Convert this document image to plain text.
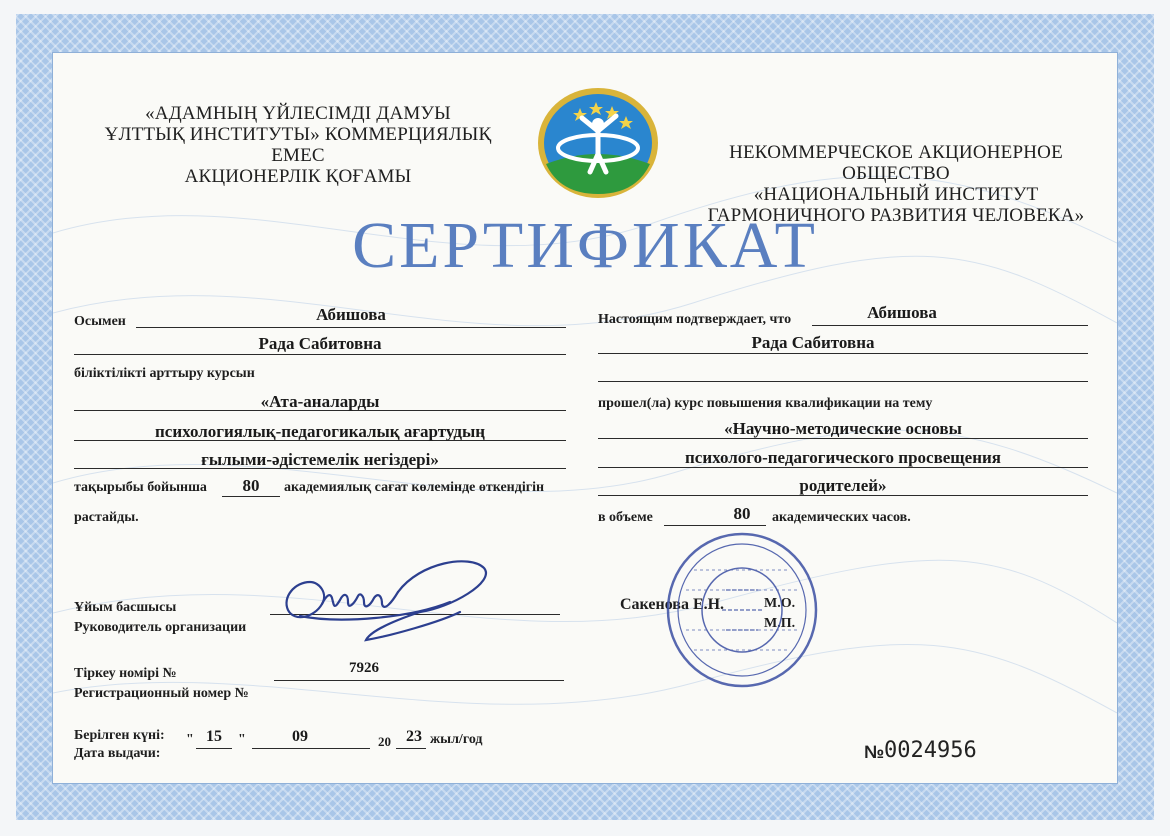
«АДАМНЫҢ ҮЙЛЕСІМДІ ДАМУЫ
ҰЛТТЫҚ ИНСТИТУТЫ» КОММЕРЦИЯЛЫҚ ЕМЕС
АКЦИОНЕРЛІК ҚОҒАМЫ
НЕКОММЕРЧЕСКОЕ АКЦИОНЕРНОЕ ОБЩЕСТВО
«НАЦИОНАЛЬНЫЙ ИНСТИТУТ
ГАРМОНИЧНОГО РАЗВИТИЯ ЧЕЛОВЕКА»
СЕРТИФИКАТ
Осымен	Абишова
Рада Сабитовна
біліктілікті арттыру курсын
«Ата-аналарды
психологиялық-педагогикалық ағартудың
ғылыми-әдістемелік негіздері»
тақырыбы бойынша	80	академиялық сағат көлемінде өткендігін
растайды.
Настоящим подтверждает, что	Абишова
Рада Сабитовна
прошел(ла) курс повышения квалификации на тему
«Научно-методические основы
психолого-педагогического просвещения
родителей»
в объеме	80	академических часов.
Ұйым басшысы
Руководитель организации
Сакенова Е.Н.	М.О.
М.П.
Тіркеу номірі №
Регистрационный номер №
7926
Берілген күні:
Дата выдачи:
" 15	"	09	20 23 жыл/год
№ 0024956
